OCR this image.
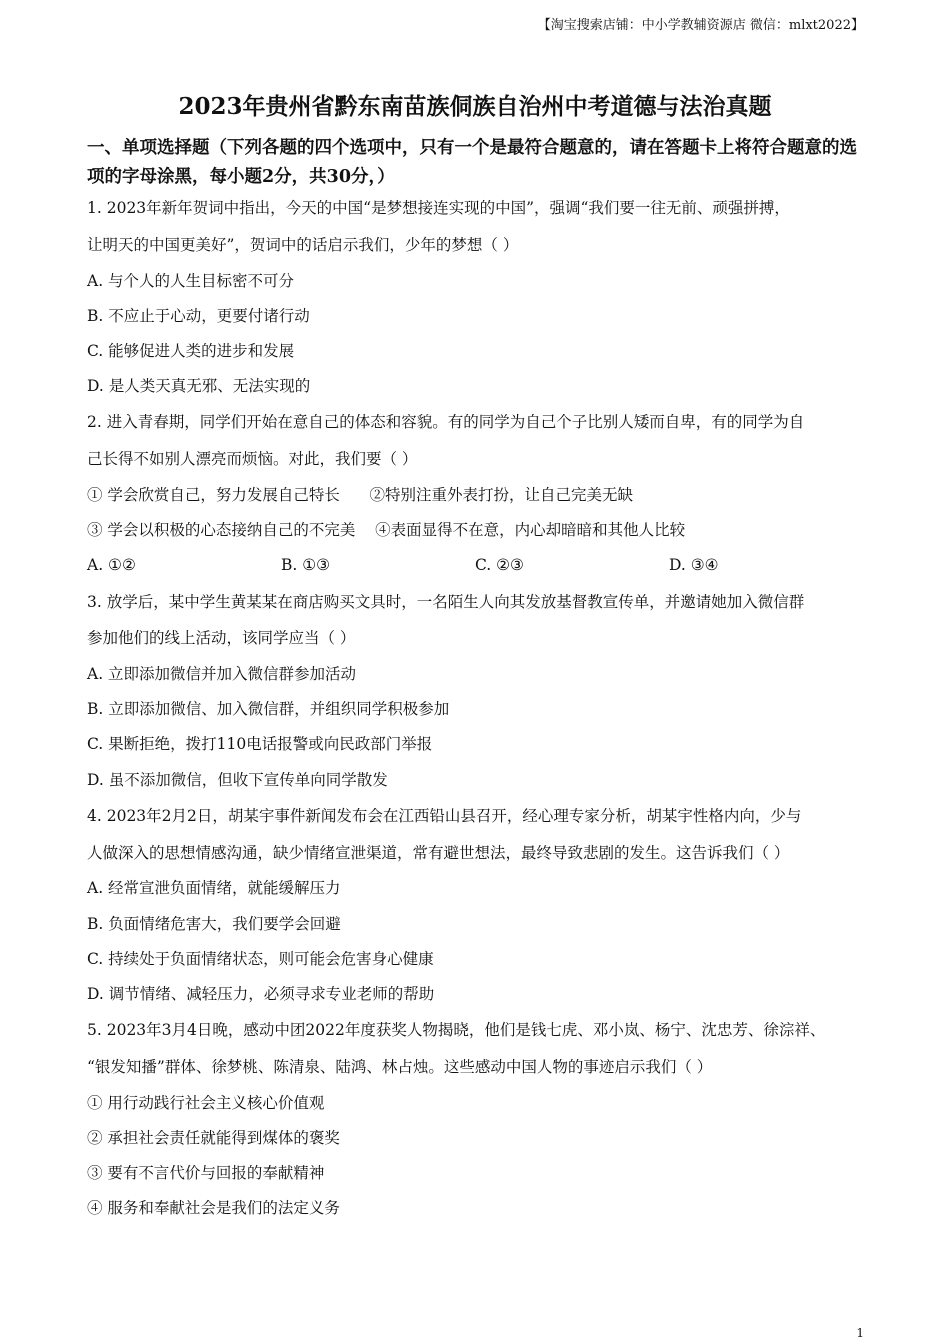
【淘宝搜索店铺：中小学教辅资源店 微信：mlxt2022】
2023年贵州省黔东南苗族侗族自治州中考道德与法治真题
一、单项选择题（下列各题的四个选项中，只有一个是最符合题意的，请在答题卡上将符合题意的选项的字母涂黑，每小题2分，共30分，）
1. 2023年新年贺词中指出，今天的中国“是梦想接连实现的中国”，强调“我们要一往无前、顽强拼搏，
让明天的中国更美好”，贺词中的话启示我们，少年的梦想（ ）
A. 与个人的人生目标密不可分
B. 不应止于心动，更要付诸行动
C. 能够促进人类的进步和发展
D. 是人类天真无邪、无法实现的
2. 进入青春期，同学们开始在意自己的体态和容貌。有的同学为自己个子比别人矮而自卑，有的同学为自
己长得不如别人漂亮而烦恼。对此，我们要（ ）
① 学会欣赏自己，努力发展自己特长      ②特别注重外表打扮，让自己完美无缺
③ 学会以积极的心态接纳自己的不完美    ④表面显得不在意，内心却暗暗和其他人比较
A. ①②	B. ①③	C. ②③	D. ③④
3. 放学后，某中学生黄某某在商店购买文具时，一名陌生人向其发放基督教宣传单，并邀请她加入微信群
参加他们的线上活动，该同学应当（ ）
A. 立即添加微信并加入微信群参加活动
B. 立即添加微信、加入微信群，并组织同学积极参加
C. 果断拒绝，拨打110电话报警或向民政部门举报
D. 虽不添加微信，但收下宣传单向同学散发
4. 2023年2月2日，胡某宇事件新闻发布会在江西铅山县召开，经心理专家分析，胡某宇性格内向，少与
人做深入的思想情感沟通，缺少情绪宣泄渠道，常有避世想法，最终导致悲剧的发生。这告诉我们（ ）
A. 经常宣泄负面情绪，就能缓解压力
B. 负面情绪危害大，我们要学会回避
C. 持续处于负面情绪状态，则可能会危害身心健康
D. 调节情绪、减轻压力，必须寻求专业老师的帮助
5. 2023年3月4日晚，感动中团2022年度获奖人物揭晓，他们是钱七虎、邓小岚、杨宁、沈忠芳、徐淙祥、
“银发知播”群体、徐梦桃、陈清泉、陆鸿、林占烛。这些感动中国人物的事迹启示我们（ ）
① 用行动践行社会主义核心价值观
② 承担社会责任就能得到煤体的褒奖
③ 要有不言代价与回报的奉献精神
④ 服务和奉献社会是我们的法定义务
1
